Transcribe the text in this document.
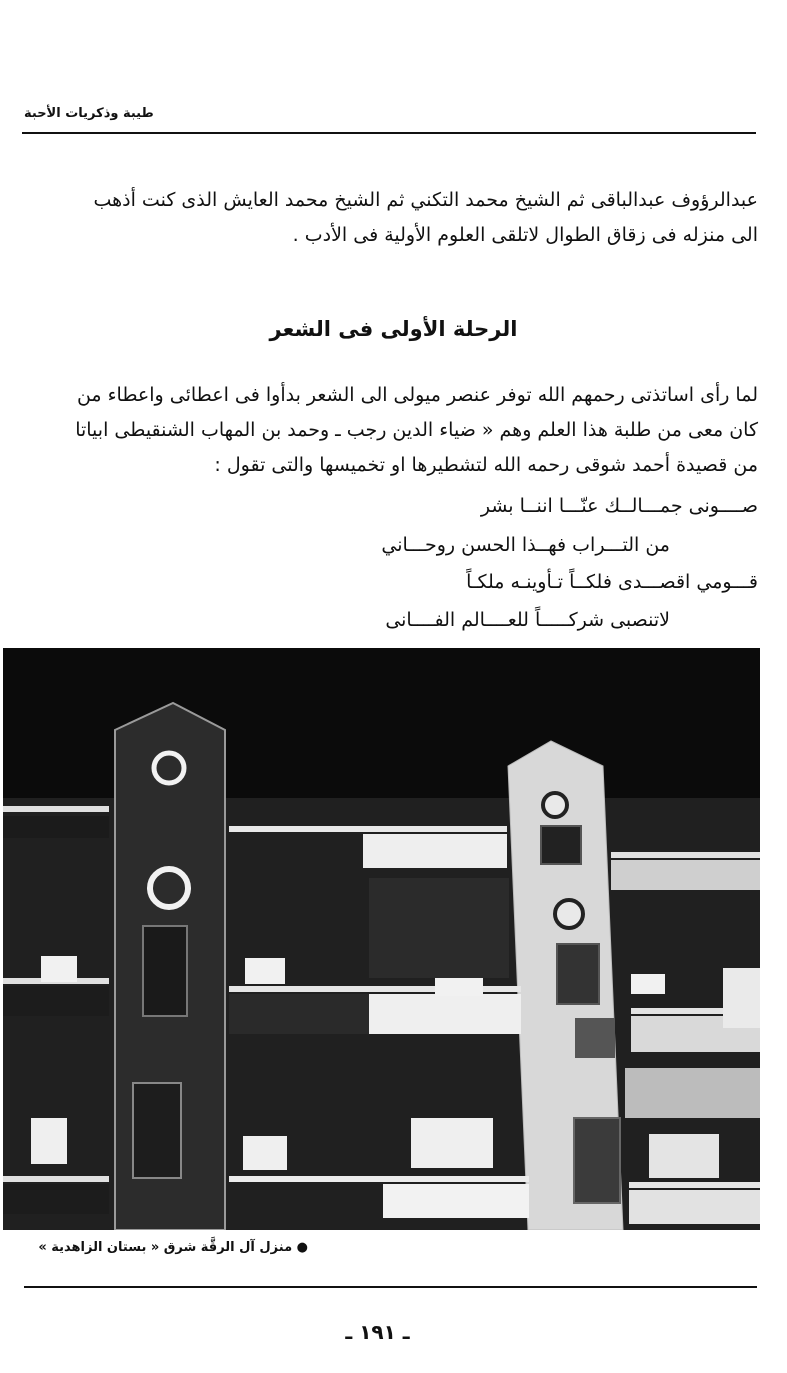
طيبة وذكريات الأحبة
عبدالرؤوف عبدالباقى ثم الشيخ محمد التكني ثم الشيخ محمد العايش الذى كنت أذهب
الى منزله فى زقاق الطوال لاتلقى العلوم الأولية فى الأدب .
الرحلة الأولى فى الشعر
لما رأى اساتذتى رحمهم الله توفر عنصر ميولى الى الشعر بدأوا فى اعطائى واعطاء من
كان معى من طلبة هذا العلم وهم « ضياء الدين رجب ـ وحمد بن المهاب الشنقيطى ابياتا
من قصيدة أحمد شوقى رحمه الله لتشطيرها او تخميسها والتى تقول :
صــــونى جمـــالــك عنّـــا اننــا بشر
من التـــراب فهــذا الحسن روحـــاني
قـــومي اقصـــدى فلكــاً تـأوينـه ملكـاً
لاتنصبى شركـــــاً للعــــالم الفــــانى
● منزل آل الرقَّة شرق « بستان الزاهدية »
ـ ١٩١ ـ
